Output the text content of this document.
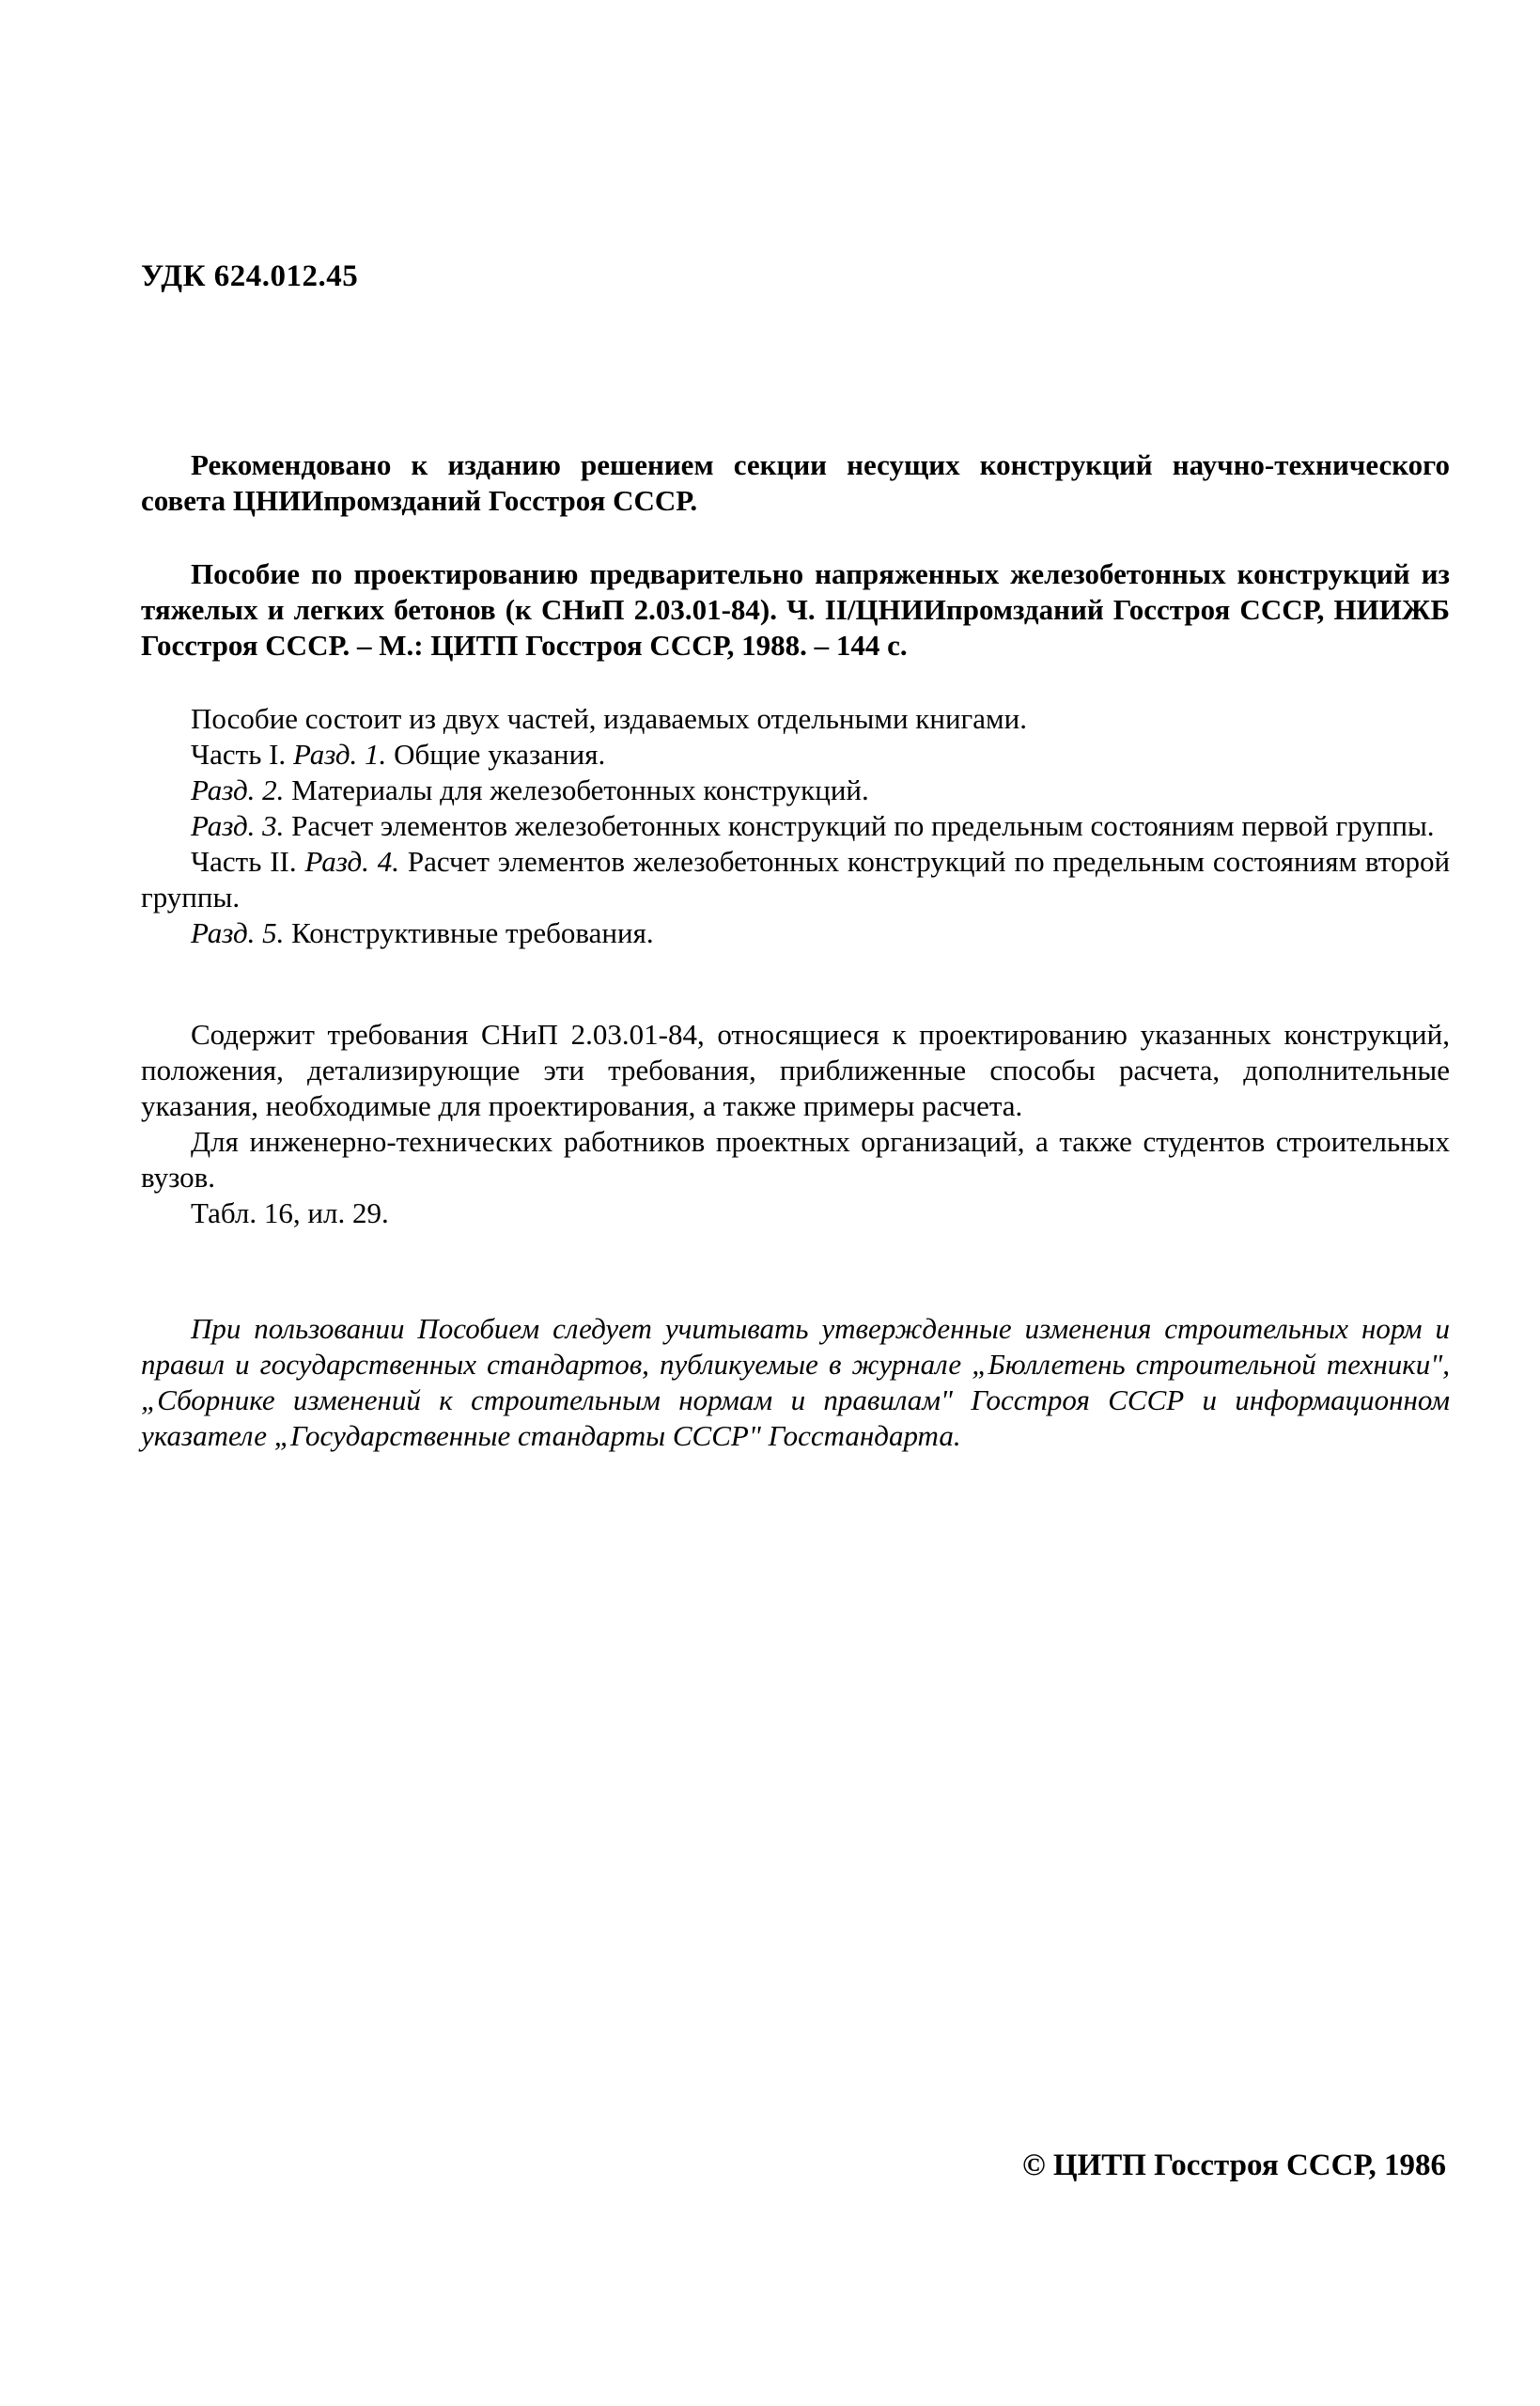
УДК 624.012.45

Рекомендовано к изданию решением секции несущих конструкций научно-технического совета ЦНИИпромзданий Госстроя СССР.

Пособие по проектированию предварительно напряженных железобетонных конструкций из тяжелых и легких бетонов (к СНиП 2.03.01-84). Ч. II/ЦНИИпромзданий Госстроя СССР, НИИЖБ Госстроя СССР. – М.: ЦИТП Госстроя СССР, 1988. – 144 с.

Пособие состоит из двух частей, издаваемых отдельными книгами.

Часть I. Разд. 1. Общие указания.

Разд. 2. Материалы для железобетонных конструкций.

Разд. 3. Расчет элементов железобетонных конструкций по предельным состояниям первой группы.

Часть II. Разд. 4. Расчет элементов железобетонных конструкций по предельным состояниям второй группы.

Разд. 5. Конструктивные требования.

Содержит требования СНиП 2.03.01-84, относящиеся к проектированию указанных конструкций, положения, детализирующие эти требования, приближенные способы расчета, дополнительные указания, необходимые для проектирования, а также примеры расчета.

Для инженерно-технических работников проектных организаций, а также студентов строительных вузов.

Табл. 16, ил. 29.

При пользовании Пособием следует учитывать утвержденные изменения строительных норм и правил и государственных стандартов, публикуемые в журнале „Бюллетень строительной техники", „Сборнике изменений к строительным нормам и правилам" Госстроя СССР и информационном указателе „Государственные стандарты СССР" Госстандарта.

© ЦИТП Госстроя СССР, 1986
